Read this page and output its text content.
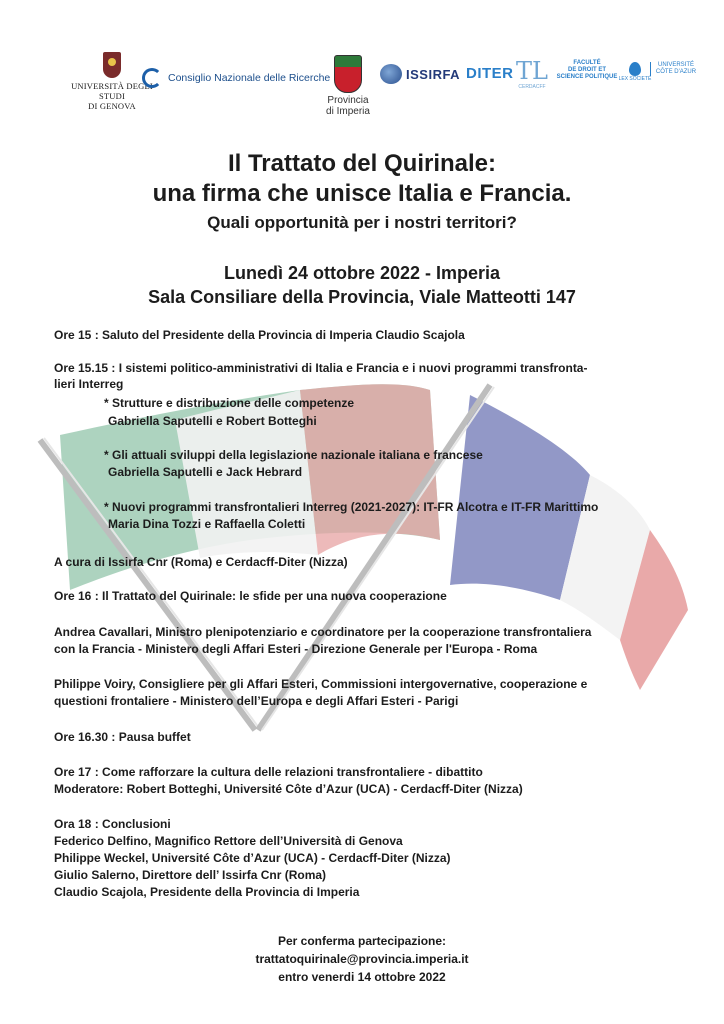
UNIVERSITÀ DEGLI STUDI
DI GENOVA
Consiglio Nazionale delle Ricerche
Provincia
di Imperia
ISSIRFA DITER TL
CERDACFF
FACULTÉ
DE DROIT ET
SCIENCE POLITIQUE LEX SOCIETÉ
UNIVERSITÉ
CÔTE D'AZUR
Il Trattato del Quirinale:
una firma che unisce Italia e Francia.
Quali opportunità per i nostri territori?
Lunedì 24 ottobre 2022 - Imperia
Sala Consiliare della Provincia, Viale Matteotti 147
Ore 15 : Saluto del Presidente della Provincia di Imperia Claudio Scajola
Ore 15.15 : I sistemi politico-amministrativi di Italia e Francia e i nuovi programmi transfronta-
lieri Interreg
* Strutture e distribuzione delle competenze
Gabriella Saputelli e Robert Botteghi
* Gli attuali sviluppi della legislazione nazionale italiana e francese
Gabriella Saputelli e Jack Hebrard
* Nuovi programmi transfrontalieri Interreg (2021-2027): IT-FR Alcotra e IT-FR Marittimo
Maria Dina Tozzi e Raffaella Coletti
A cura di Issirfa Cnr (Roma) e Cerdacff-Diter (Nizza)
Ore 16 : Il Trattato del Quirinale: le sfide per una nuova cooperazione
Andrea Cavallari, Ministro plenipotenziario e coordinatore per la cooperazione transfrontaliera
con la Francia - Ministero degli Affari Esteri - Direzione Generale per l'Europa - Roma
Philippe Voiry, Consigliere per gli Affari Esteri, Commissioni intergovernative, cooperazione e
questioni frontaliere - Ministero dell’Europa e degli Affari Esteri - Parigi
Ore 16.30 : Pausa buffet
Ore 17 : Come rafforzare la cultura delle relazioni transfrontaliere - dibattito
Moderatore: Robert Botteghi, Université Côte d’Azur (UCA) - Cerdacff-Diter (Nizza)
Ora 18 : Conclusioni
Federico Delfino, Magnifico Rettore dell’Università di Genova
Philippe Weckel, Université Côte d’Azur (UCA) - Cerdacff-Diter (Nizza)
Giulio Salerno, Direttore dell’ Issirfa Cnr (Roma)
Claudio Scajola, Presidente della Provincia di Imperia
Per conferma partecipazione:
trattatoquirinale@provincia.imperia.it
entro venerdi 14 ottobre 2022
